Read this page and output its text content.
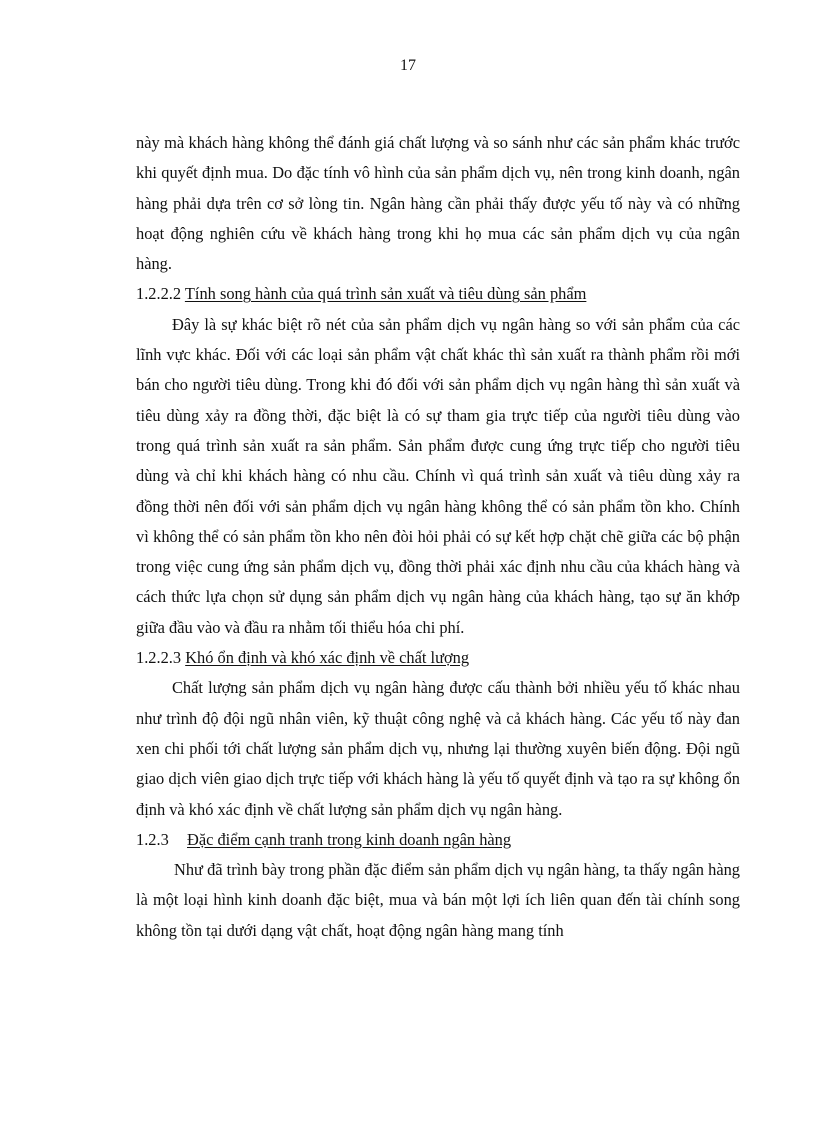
17

này mà khách hàng không thể đánh giá chất lượng và so sánh như các sản phẩm khác trước khi quyết định mua. Do đặc tính vô hình của sản phẩm dịch vụ, nên trong kinh doanh, ngân hàng phải dựa trên cơ sở lòng tin. Ngân hàng cần phải thấy được yếu tố này và có những hoạt động nghiên cứu về khách hàng trong khi họ mua các sản phẩm dịch vụ của ngân hàng.

1.2.2.2 Tính song hành của quá trình sản xuất và tiêu dùng sản phẩm

Đây là sự khác biệt rõ nét của sản phẩm dịch vụ ngân hàng so với sản phẩm của các lĩnh vực khác. Đối với các loại sản phẩm vật chất khác thì sản xuất ra thành phẩm rồi mới bán cho người tiêu dùng. Trong khi đó đối với sản phẩm dịch vụ ngân hàng thì sản xuất và tiêu dùng xảy ra đồng thời, đặc biệt là có sự tham gia trực tiếp của người tiêu dùng vào trong quá trình sản xuất ra sản phẩm. Sản phẩm được cung ứng trực tiếp cho người tiêu dùng và chỉ khi khách hàng có nhu cầu. Chính vì quá trình sản xuất và tiêu dùng xảy ra đồng thời nên đối với sản phẩm dịch vụ ngân hàng không thể có sản phẩm tồn kho. Chính vì không thể có sản phẩm tồn kho nên đòi hỏi phải có sự kết hợp chặt chẽ giữa các bộ phận trong việc cung ứng sản phẩm dịch vụ, đồng thời phải xác định nhu cầu của khách hàng và cách thức lựa chọn sử dụng sản phẩm dịch vụ ngân hàng của khách hàng, tạo sự ăn khớp giữa đầu vào và đầu ra nhằm tối thiểu hóa chi phí.

1.2.2.3 Khó ổn định và khó xác định về chất lượng

Chất lượng sản phẩm dịch vụ ngân hàng được cấu thành bởi nhiều yếu tố khác nhau như trình độ đội ngũ nhân viên, kỹ thuật công nghệ và cả khách hàng. Các yếu tố này đan xen chi phối tới chất lượng sản phẩm dịch vụ, nhưng lại thường xuyên biến động. Đội ngũ giao dịch viên giao dịch trực tiếp với khách hàng là yếu tố quyết định và tạo ra sự không ổn định và khó xác định về chất lượng sản phẩm dịch vụ ngân hàng.

1.2.3 Đặc điểm cạnh tranh trong kinh doanh ngân hàng

Như đã trình bày trong phần đặc điểm sản phẩm dịch vụ ngân hàng, ta thấy ngân hàng là một loại hình kinh doanh đặc biệt, mua và bán một lợi ích liên quan đến tài chính song không tồn tại dưới dạng vật chất, hoạt động ngân hàng mang tính
